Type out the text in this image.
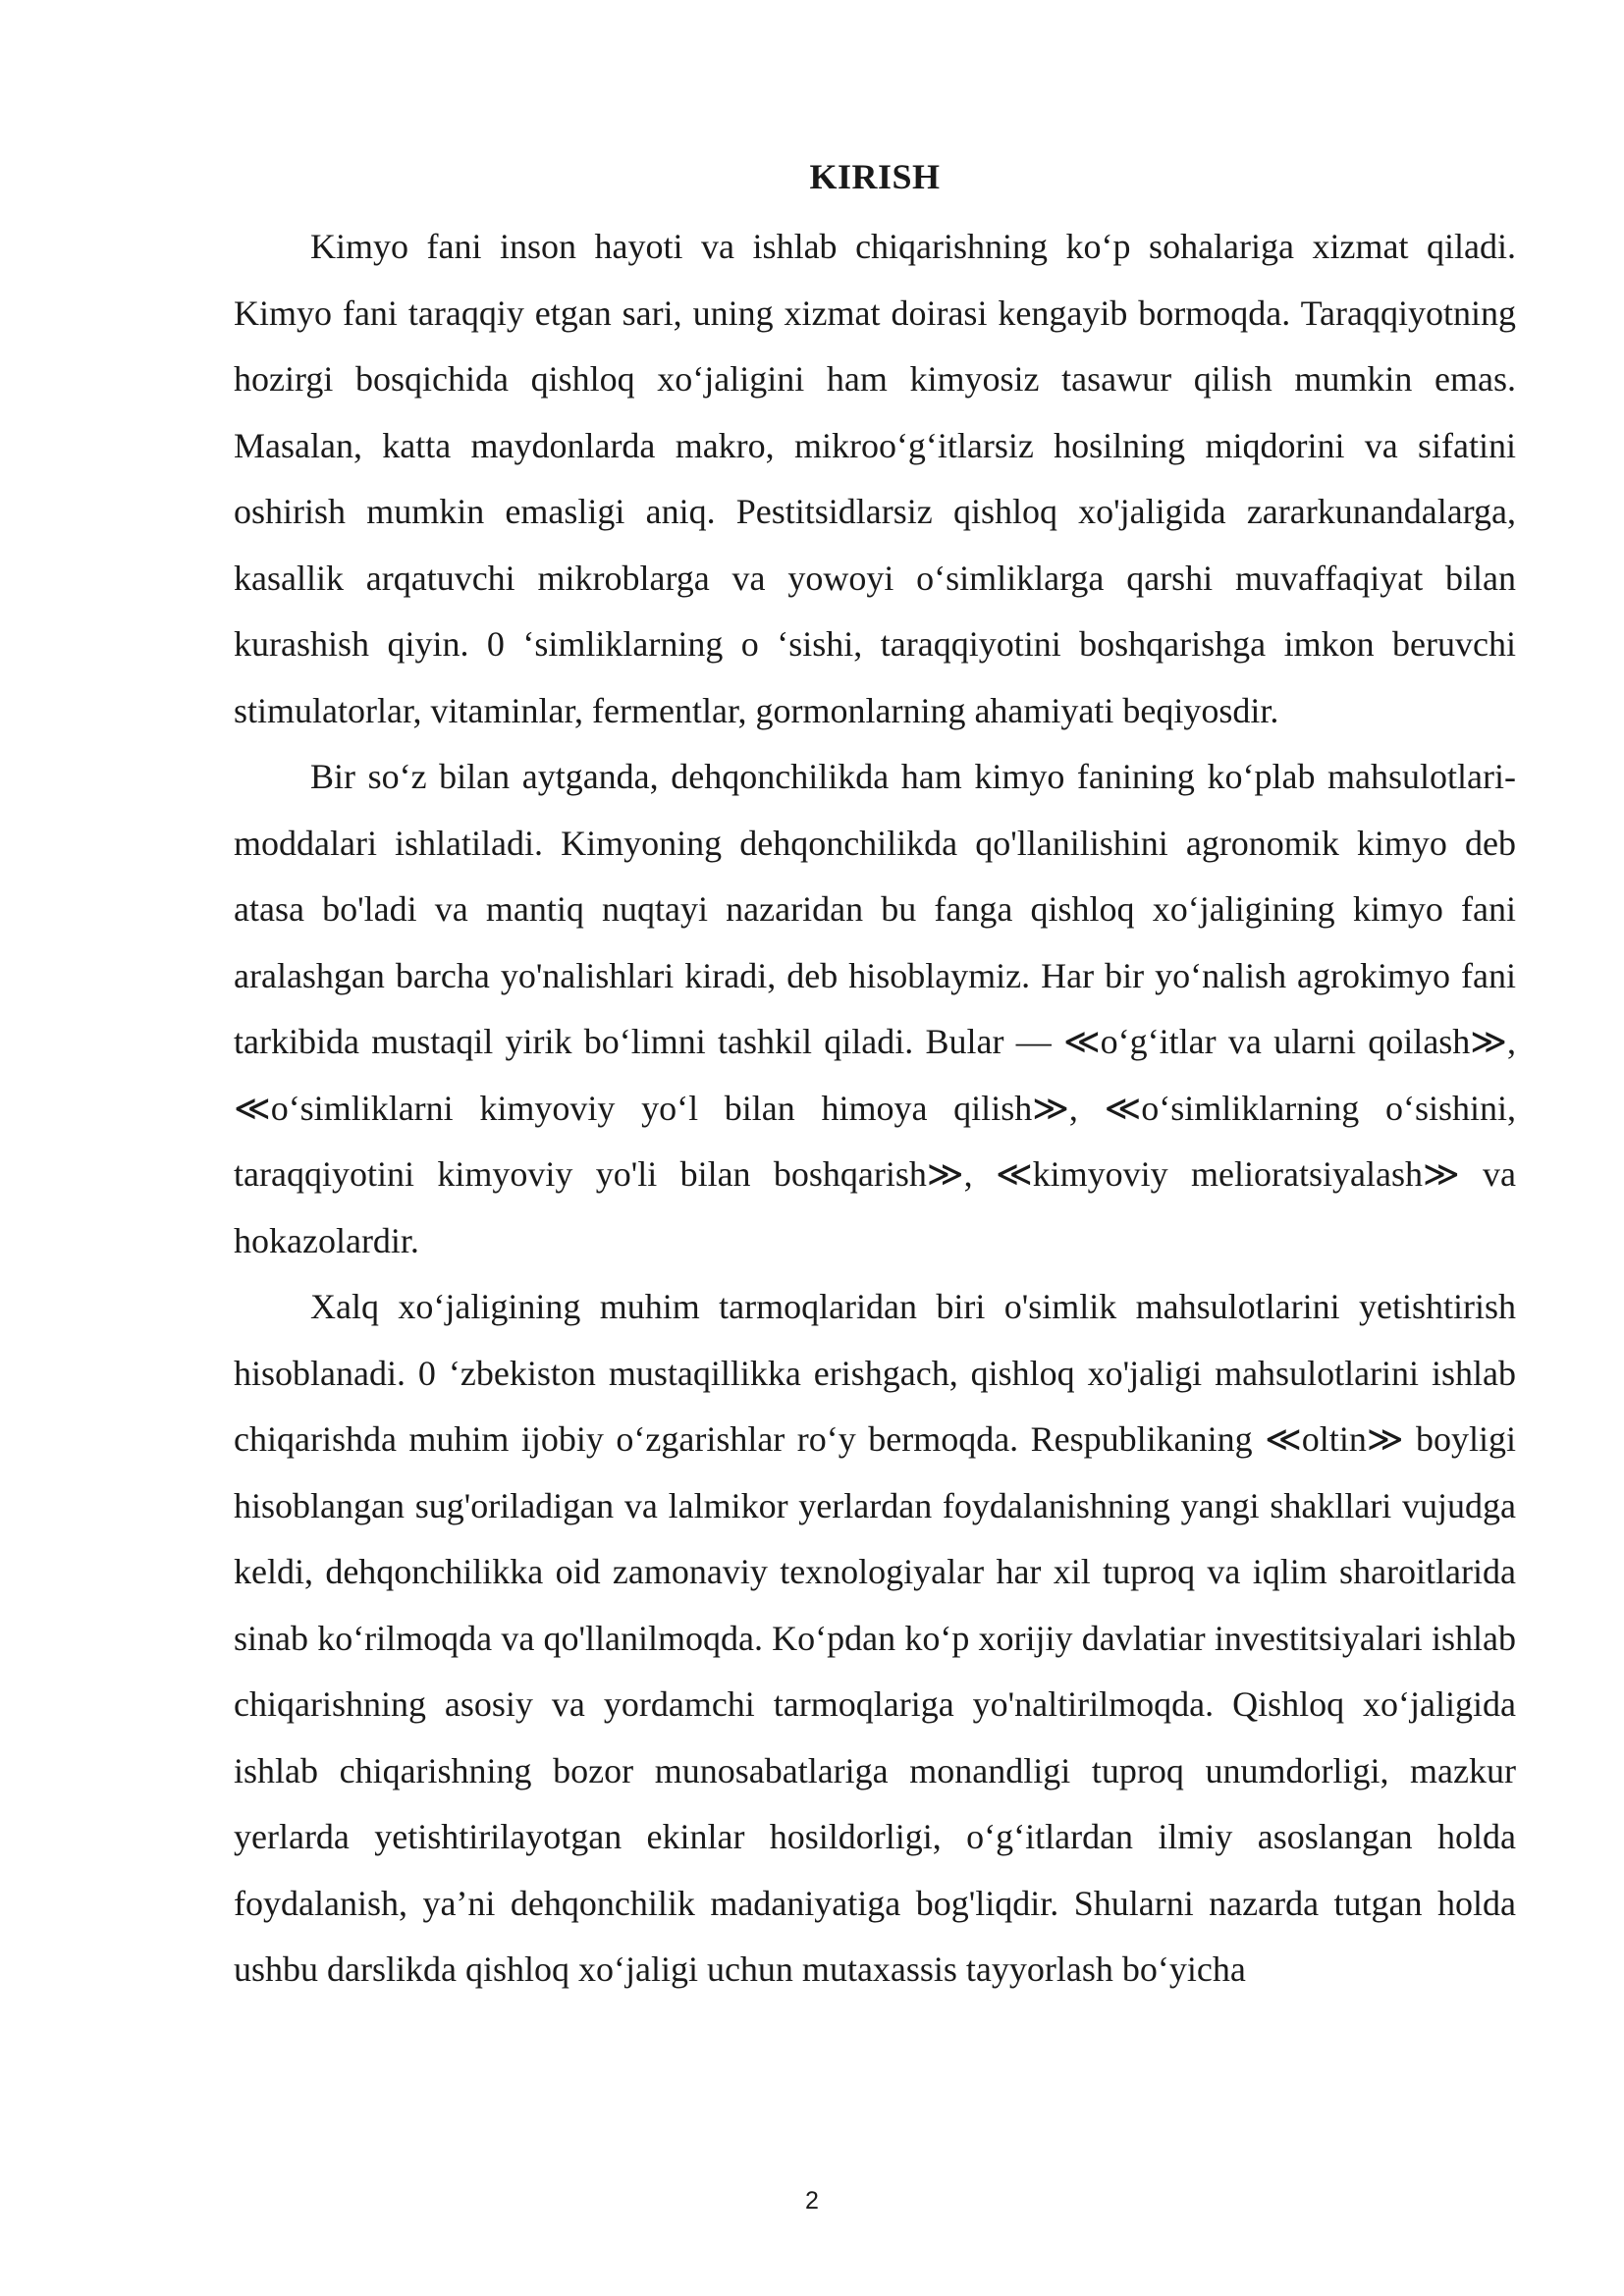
KIRISH

Kimyo fani inson hayoti va ishlab chiqarishning ko‘p sohalariga xizmat qiladi. Kimyo fani taraqqiy etgan sari, uning xizmat doirasi kengayib bormoqda. Taraqqiyotning hozirgi bosqichida qishloq xo‘jaligini ham kimyosiz tasawur qilish mumkin emas. Masalan, katta maydonlarda makro, mikroo‘g‘itlarsiz hosilning miqdorini va sifatini oshirish mumkin emasligi aniq. Pestitsidlarsiz qishloq xo'jaligida zararkunandalarga, kasallik arqatuvchi mikroblarga va yowoyi o‘simliklarga qarshi muvaffaqiyat bilan kurashish qiyin. 0 ‘simliklarning o ‘sishi, taraqqiyotini boshqarishga imkon beruvchi stimulatorlar, vitaminlar, fermentlar, gormonlarning ahamiyati beqiyosdir.

Bir so‘z bilan aytganda, dehqonchilikda ham kimyo fanining ko‘plab mahsulotlari-moddalari ishlatiladi. Kimyoning dehqonchilikda qo'llanilishini agronomik kimyo deb atasa bo'ladi va mantiq nuqtayi nazaridan bu fanga qishloq xo‘jaligining kimyo fani aralashgan barcha yo'nalishlari kiradi, deb hisoblaymiz. Har bir yo‘nalish agrokimyo fani tarkibida mustaqil yirik bo‘limni tashkil qiladi. Bular — ≪o‘g‘itlar va ularni qoilash≫, ≪o‘simliklarni kimyoviy yo‘l bilan himoya qilish≫, ≪o‘simliklarning o‘sishini, taraqqiyotini kimyoviy yo'li bilan boshqarish≫, ≪kimyoviy melioratsiyalash≫ va hokazolardir.

Xalq xo‘jaligining muhim tarmoqlaridan biri o'simlik mahsulotlarini yetishtirish hisoblanadi. 0 ‘zbekiston mustaqillikka erishgach, qishloq xo'jaligi mahsulotlarini ishlab chiqarishda muhim ijobiy o‘zgarishlar ro‘y bermoqda. Respublikaning ≪oltin≫ boyligi hisoblangan sug'oriladigan va lalmikor yerlardan foydalanishning yangi shakllari vujudga keldi, dehqonchilikka oid zamonaviy texnologiyalar har xil tuproq va iqlim sharoitlarida sinab ko‘rilmoqda va qo'llanilmoqda. Ko‘pdan ko‘p xorijiy davlatiar investitsiyalari ishlab chiqarishning asosiy va yordamchi tarmoqlariga yo'naltirilmoqda. Qishloq xo‘jaligida ishlab chiqarishning bozor munosabatlariga monandligi tuproq unumdorligi, mazkur yerlarda yetishtirilayotgan ekinlar hosildorligi, o‘g‘itlardan ilmiy asoslangan holda foydalanish, ya’ni dehqonchilik madaniyatiga bog'liqdir. Shularni nazarda tutgan holda ushbu darslikda qishloq xo‘jaligi uchun mutaxassis tayyorlash bo‘yicha

2
